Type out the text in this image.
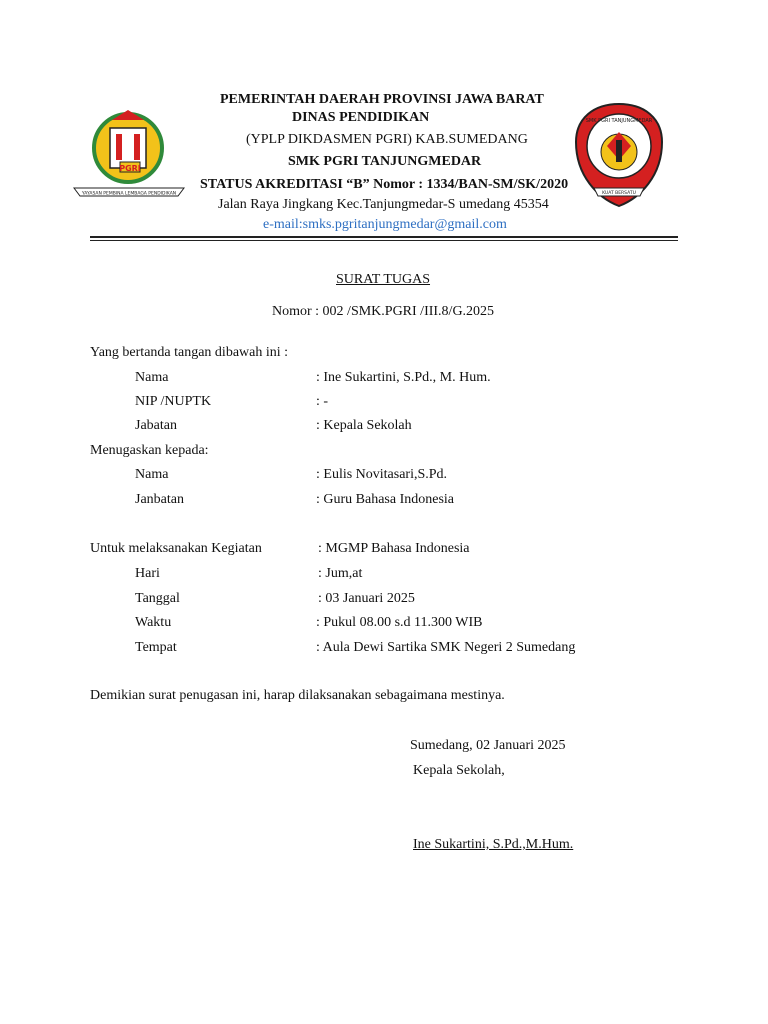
PGRI
YAYASAN PEMBINA LEMBAGA PENDIDIKAN	KUAT BERSATU
SMK PGRI TANJUNGMEDAR
PEMERINTAH DAERAH PROVINSI JAWA BARAT
DINAS PENDIDIKAN
(YPLP DIKDASMEN PGRI) KAB.SUMEDANG
SMK PGRI TANJUNGMEDAR
STATUS AKREDITASI “B” Nomor : 1334/BAN-SM/SK/2020
Jalan Raya Jingkang Kec.Tanjungmedar-S umedang 45354
e-mail:smks.pgritanjungmedar@gmail.com
SURAT TUGAS
Nomor : 002 /SMK.PGRI /III.8/G.2025
Yang bertanda tangan dibawah ini :
Nama	: Ine Sukartini, S.Pd., M. Hum.
NIP /NUPTK	: -
Jabatan	: Kepala Sekolah
Menugaskan kepada:
Nama	: Eulis Novitasari,S.Pd.
Janbatan	: Guru Bahasa Indonesia
Untuk melaksanakan Kegiatan	: MGMP Bahasa Indonesia
Hari	: Jum,at
Tanggal	: 03 Januari 2025
Waktu	: Pukul 08.00 s.d 11.300 WIB
Tempat	: Aula Dewi Sartika SMK Negeri 2 Sumedang
Demikian surat penugasan ini, harap dilaksanakan sebagaimana mestinya.
Sumedang, 02 Januari 2025
Kepala Sekolah,
Ine Sukartini, S.Pd.,M.Hum.
